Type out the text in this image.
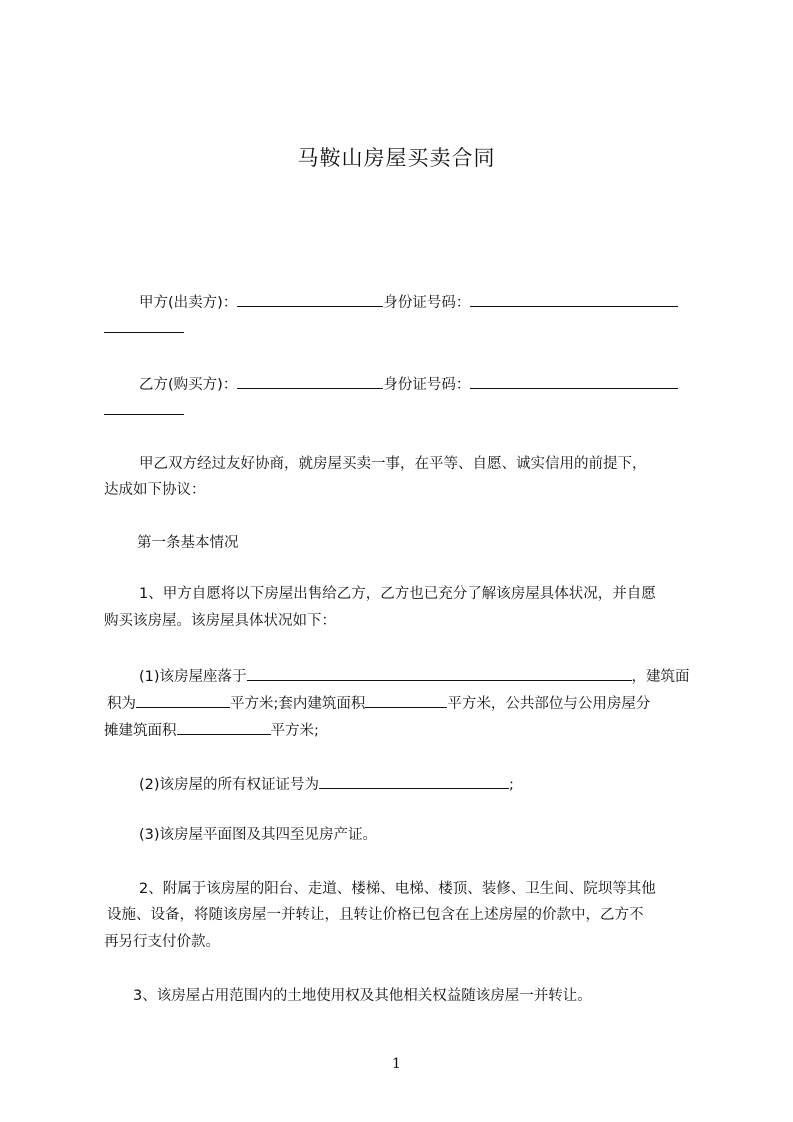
马鞍山房屋买卖合同
甲方(出卖方)：	身份证号码：
乙方(购买方)：	身份证号码：
甲乙双方经过友好协商，就房屋买卖一事，在平等、自愿、诚实信用的前提下，
达成如下协议：
第一条基本情况
1、甲方自愿将以下房屋出售给乙方，乙方也已充分了解该房屋具体状况，并自愿
购买该房屋。该房屋具体状况如下：
(1)该房屋座落于	，建筑面
积为	平方米;套内建筑面积	平方米，公共部位与公用房屋分
摊建筑面积	平方米;
(2)该房屋的所有权证证号为	;
(3)该房屋平面图及其四至见房产证。
2、附属于该房屋的阳台、走道、楼梯、电梯、楼顶、装修、卫生间、院坝等其他
设施、设备，将随该房屋一并转让，且转让价格已包含在上述房屋的价款中，乙方不
再另行支付价款。
3、该房屋占用范围内的土地使用权及其他相关权益随该房屋一并转让。
1
